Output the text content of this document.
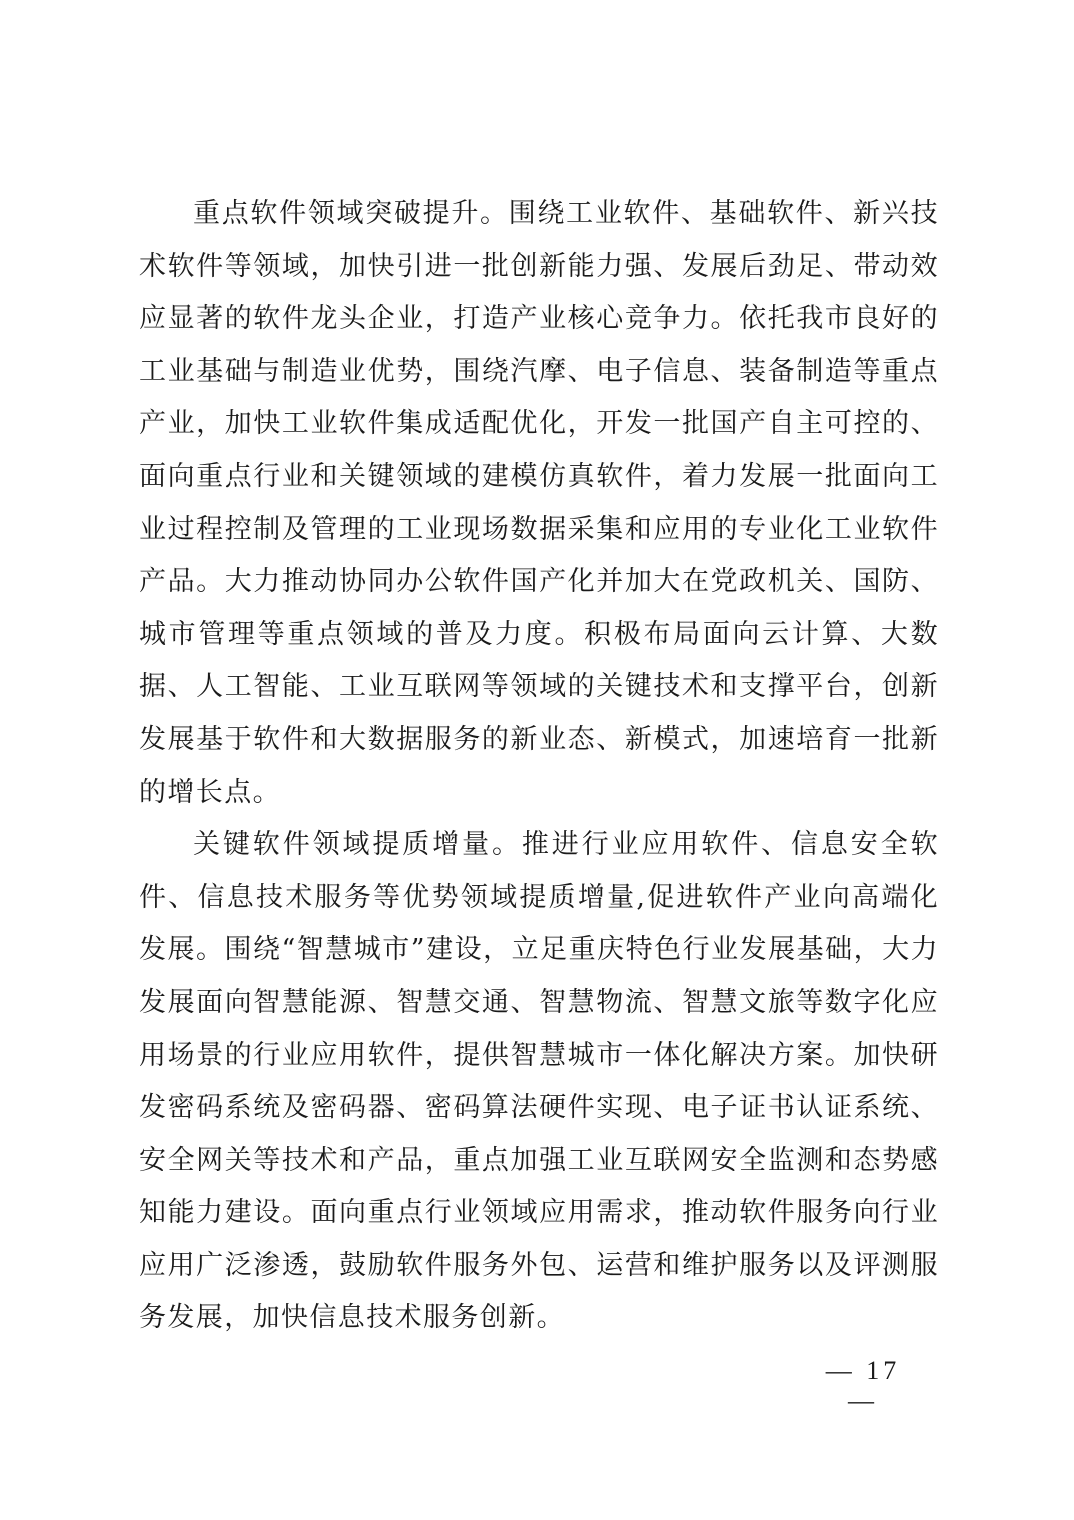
重点软件领域突破提升。围绕工业软件、基础软件、新兴技术软件等领域，加快引进一批创新能力强、发展后劲足、带动效应显著的软件龙头企业，打造产业核心竞争力。依托我市良好的工业基础与制造业优势，围绕汽摩、电子信息、装备制造等重点产业，加快工业软件集成适配优化，开发一批国产自主可控的、面向重点行业和关键领域的建模仿真软件，着力发展一批面向工业过程控制及管理的工业现场数据采集和应用的专业化工业软件产品。大力推动协同办公软件国产化并加大在党政机关、国防、城市管理等重点领域的普及力度。积极布局面向云计算、大数据、人工智能、工业互联网等领域的关键技术和支撑平台，创新发展基于软件和大数据服务的新业态、新模式，加速培育一批新的增长点。

关键软件领域提质增量。推进行业应用软件、信息安全软件、信息技术服务等优势领域提质增量,促进软件产业向高端化发展。围绕“智慧城市”建设，立足重庆特色行业发展基础，大力发展面向智慧能源、智慧交通、智慧物流、智慧文旅等数字化应用场景的行业应用软件，提供智慧城市一体化解决方案。加快研发密码系统及密码器、密码算法硬件实现、电子证书认证系统、安全网关等技术和产品，重点加强工业互联网安全监测和态势感知能力建设。面向重点行业领域应用需求，推动软件服务向行业应用广泛渗透，鼓励软件服务外包、运营和维护服务以及评测服务发展，加快信息技术服务创新。

— 17 —
